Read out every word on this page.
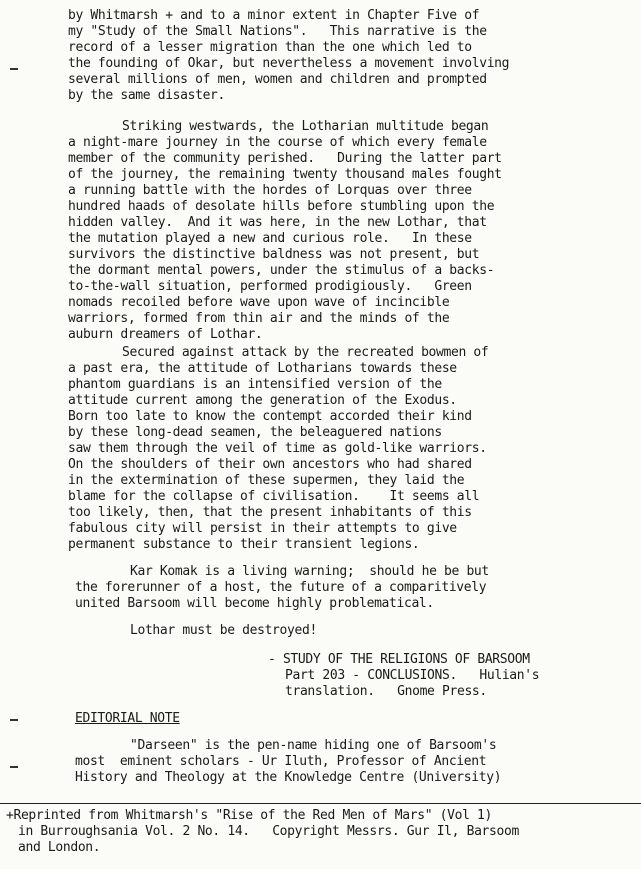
by Whitmarsh + and to a minor extent in Chapter Five of
my "Study of the Small Nations".   This narrative is the
record of a lesser migration than the one which led to
the founding of Okar, but nevertheless a movement involving
several millions of men, women and children and prompted
by the same disaster.
Striking westwards, the Lotharian multitude began
a night-mare journey in the course of which every female
member of the community perished.   During the latter part
of the journey, the remaining twenty thousand males fought
a running battle with the hordes of Lorquas over three
hundred haads of desolate hills before stumbling upon the
hidden valley.  And it was here, in the new Lothar, that
the mutation played a new and curious role.   In these
survivors the distinctive baldness was not present, but
the dormant mental powers, under the stimulus of a backs-
to-the-wall situation, performed prodigiously.   Green
nomads recoiled before wave upon wave of incincible
warriors, formed from thin air and the minds of the
auburn dreamers of Lothar.
Secured against attack by the recreated bowmen of
a past era, the attitude of Lotharians towards these
phantom guardians is an intensified version of the
attitude current among the generation of the Exodus.
Born too late to know the contempt accorded their kind
by these long-dead seamen, the beleaguered nations
saw them through the veil of time as gold-like warriors.
On the shoulders of their own ancestors who had shared
in the extermination of these supermen, they laid the
blame for the collapse of civilisation.    It seems all
too likely, then, that the present inhabitants of this
fabulous city will persist in their attempts to give
permanent substance to their transient legions.
Kar Komak is a living warning;  should he be but
the forerunner of a host, the future of a comparitively
united Barsoom will become highly problematical.
Lothar must be destroyed!
- STUDY OF THE RELIGIONS OF BARSOOM
Part 203 - CONCLUSIONS.   Hulian's
translation.   Gnome Press.
EDITORIAL NOTE
"Darseen" is the pen-name hiding one of Barsoom's
most  eminent scholars - Ur Iluth, Professor of Ancient
History and Theology at the Knowledge Centre (University)
+Reprinted from Whitmarsh's "Rise of the Red Men of Mars" (Vol 1)
in Burroughsania Vol. 2 No. 14.   Copyright Messrs. Gur Il, Barsoom
and London.
